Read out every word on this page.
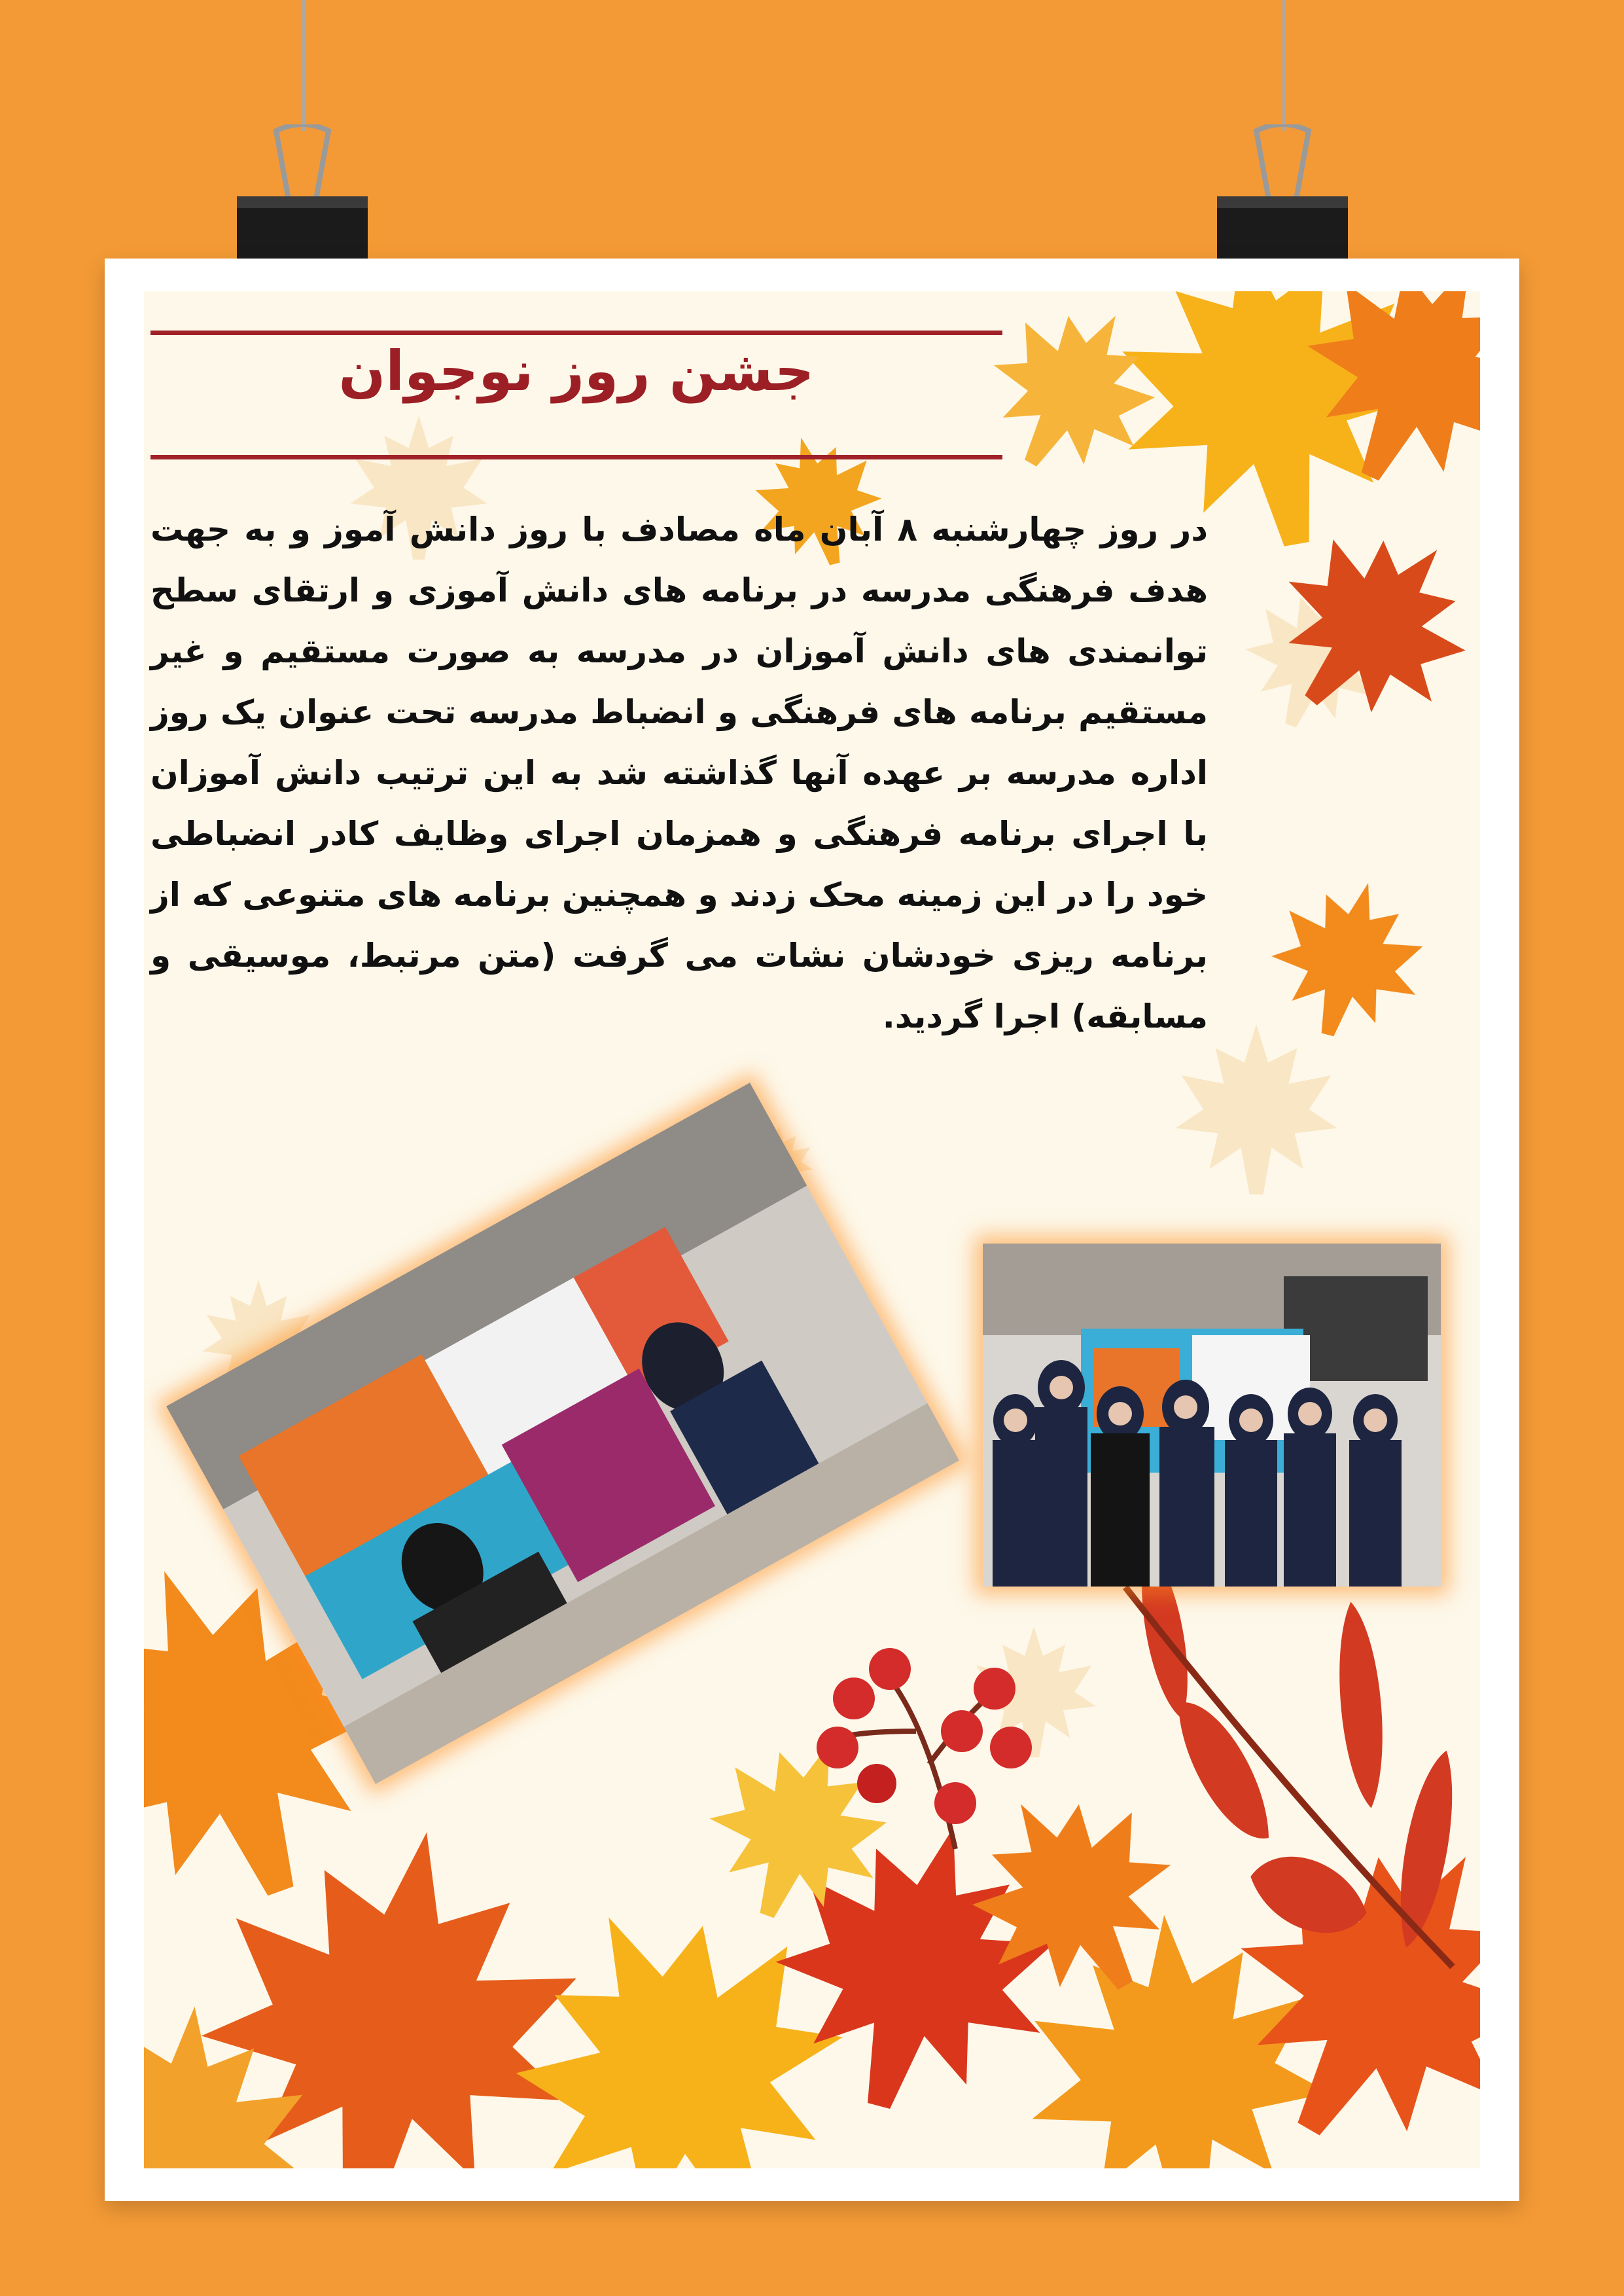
جشن روز نوجوان

در روز چهارشنبه ۸ آبان ماه مصادف با روز دانش آموز و به جهت هدف فرهنگی مدرسه در برنامه های دانش آموزی و ارتقای سطح توانمندی های دانش آموزان در مدرسه به صورت مستقیم و غیر مستقیم برنامه های فرهنگی و انضباط مدرسه تحت عنوان یک روز اداره مدرسه بر عهده آنها گذاشته شد به این ترتیب دانش آموزان با اجرای برنامه فرهنگی و همزمان اجرای وظایف کادر انضباطی خود را در این زمینه محک زدند و همچنین برنامه های متنوعی که از برنامه ریزی خودشان نشات می گرفت (متن مرتبط، موسیقی و مسابقه) اجرا گردید.
